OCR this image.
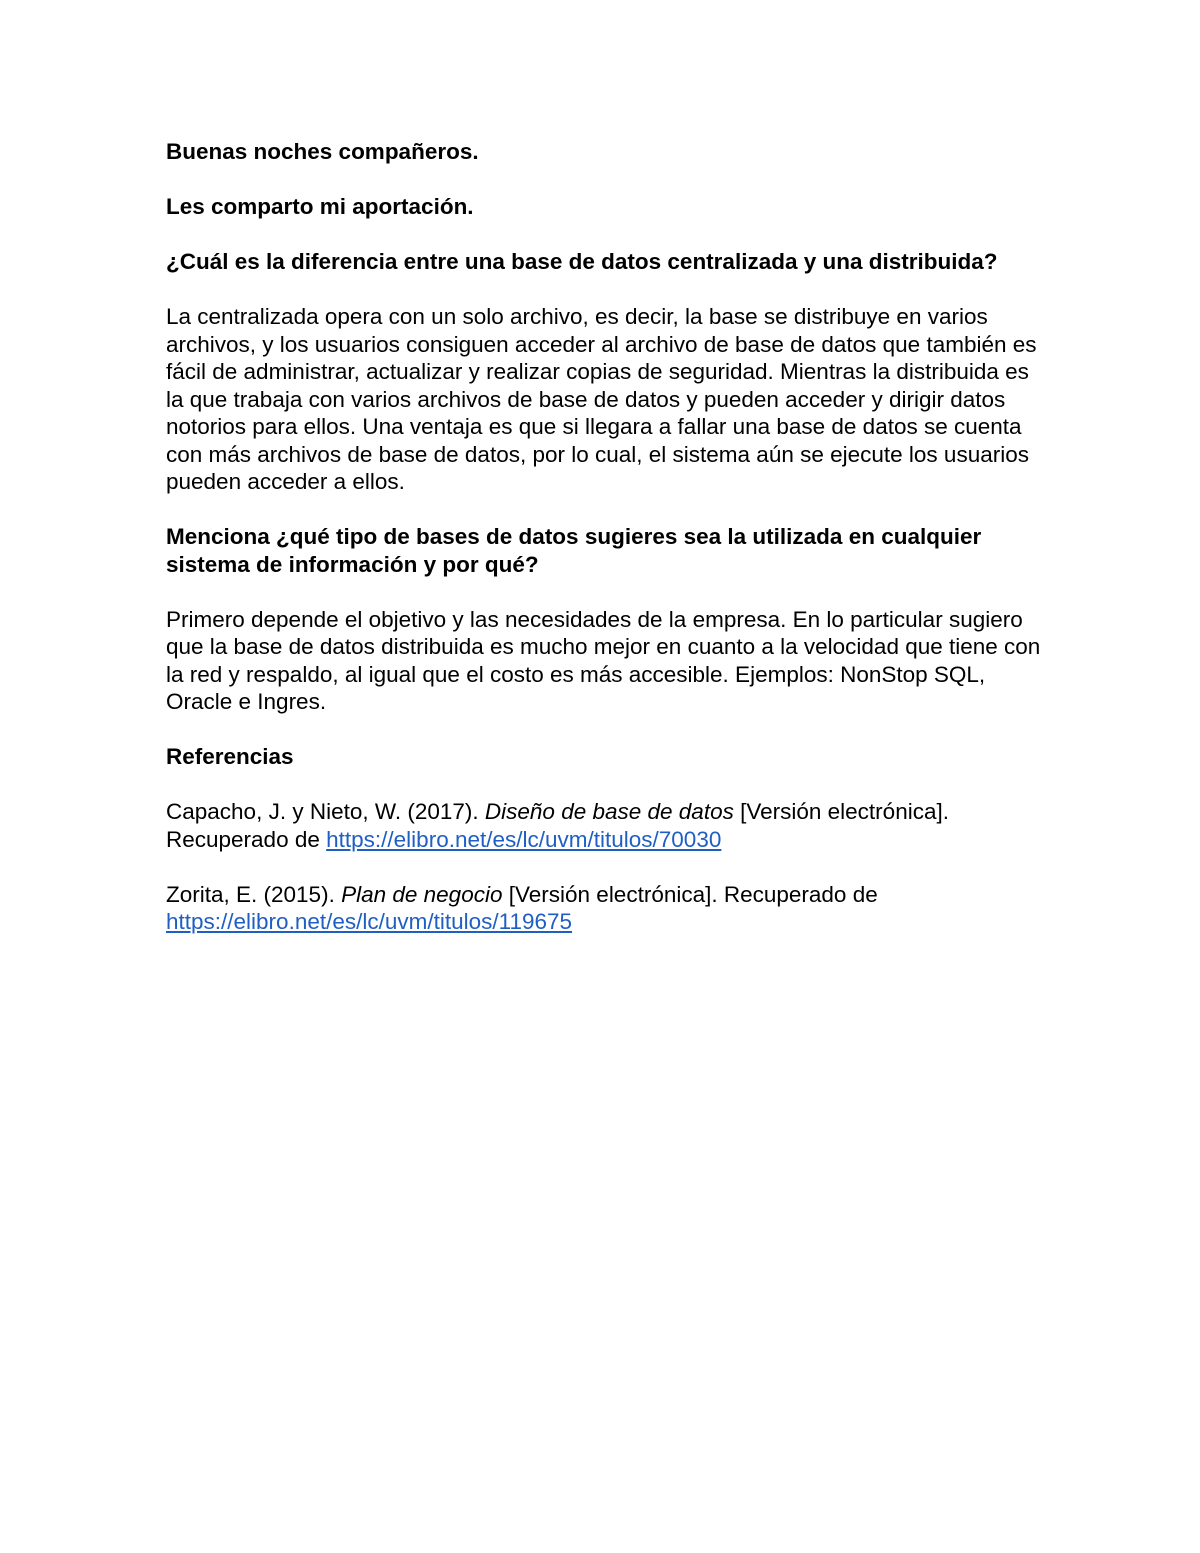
Buenas noches compañeros.

Les comparto mi aportación.

¿Cuál es la diferencia entre una base de datos centralizada y una distribuida?

La centralizada opera con un solo archivo, es decir, la base se distribuye en varios archivos, y los usuarios consiguen acceder al archivo de base de datos que también es fácil de administrar, actualizar y realizar copias de seguridad. Mientras la distribuida es la que trabaja con varios archivos de base de datos y pueden acceder y dirigir datos notorios para ellos. Una ventaja es que si llegara a fallar una base de datos se cuenta con más archivos de base de datos, por lo cual, el sistema aún se ejecute los usuarios pueden acceder a ellos.

Menciona ¿qué tipo de bases de datos sugieres sea la utilizada en cualquier sistema de información y por qué?

Primero depende el objetivo y las necesidades de la empresa. En lo particular sugiero que la base de datos distribuida es mucho mejor en cuanto a la velocidad que tiene con la red y respaldo, al igual que el costo es más accesible. Ejemplos: NonStop SQL, Oracle e Ingres.

Referencias

Capacho, J. y Nieto, W. (2017). Diseño de base de datos [Versión electrónica]. Recuperado de https://elibro.net/es/lc/uvm/titulos/70030

Zorita, E. (2015). Plan de negocio [Versión electrónica]. Recuperado de https://elibro.net/es/lc/uvm/titulos/119675
